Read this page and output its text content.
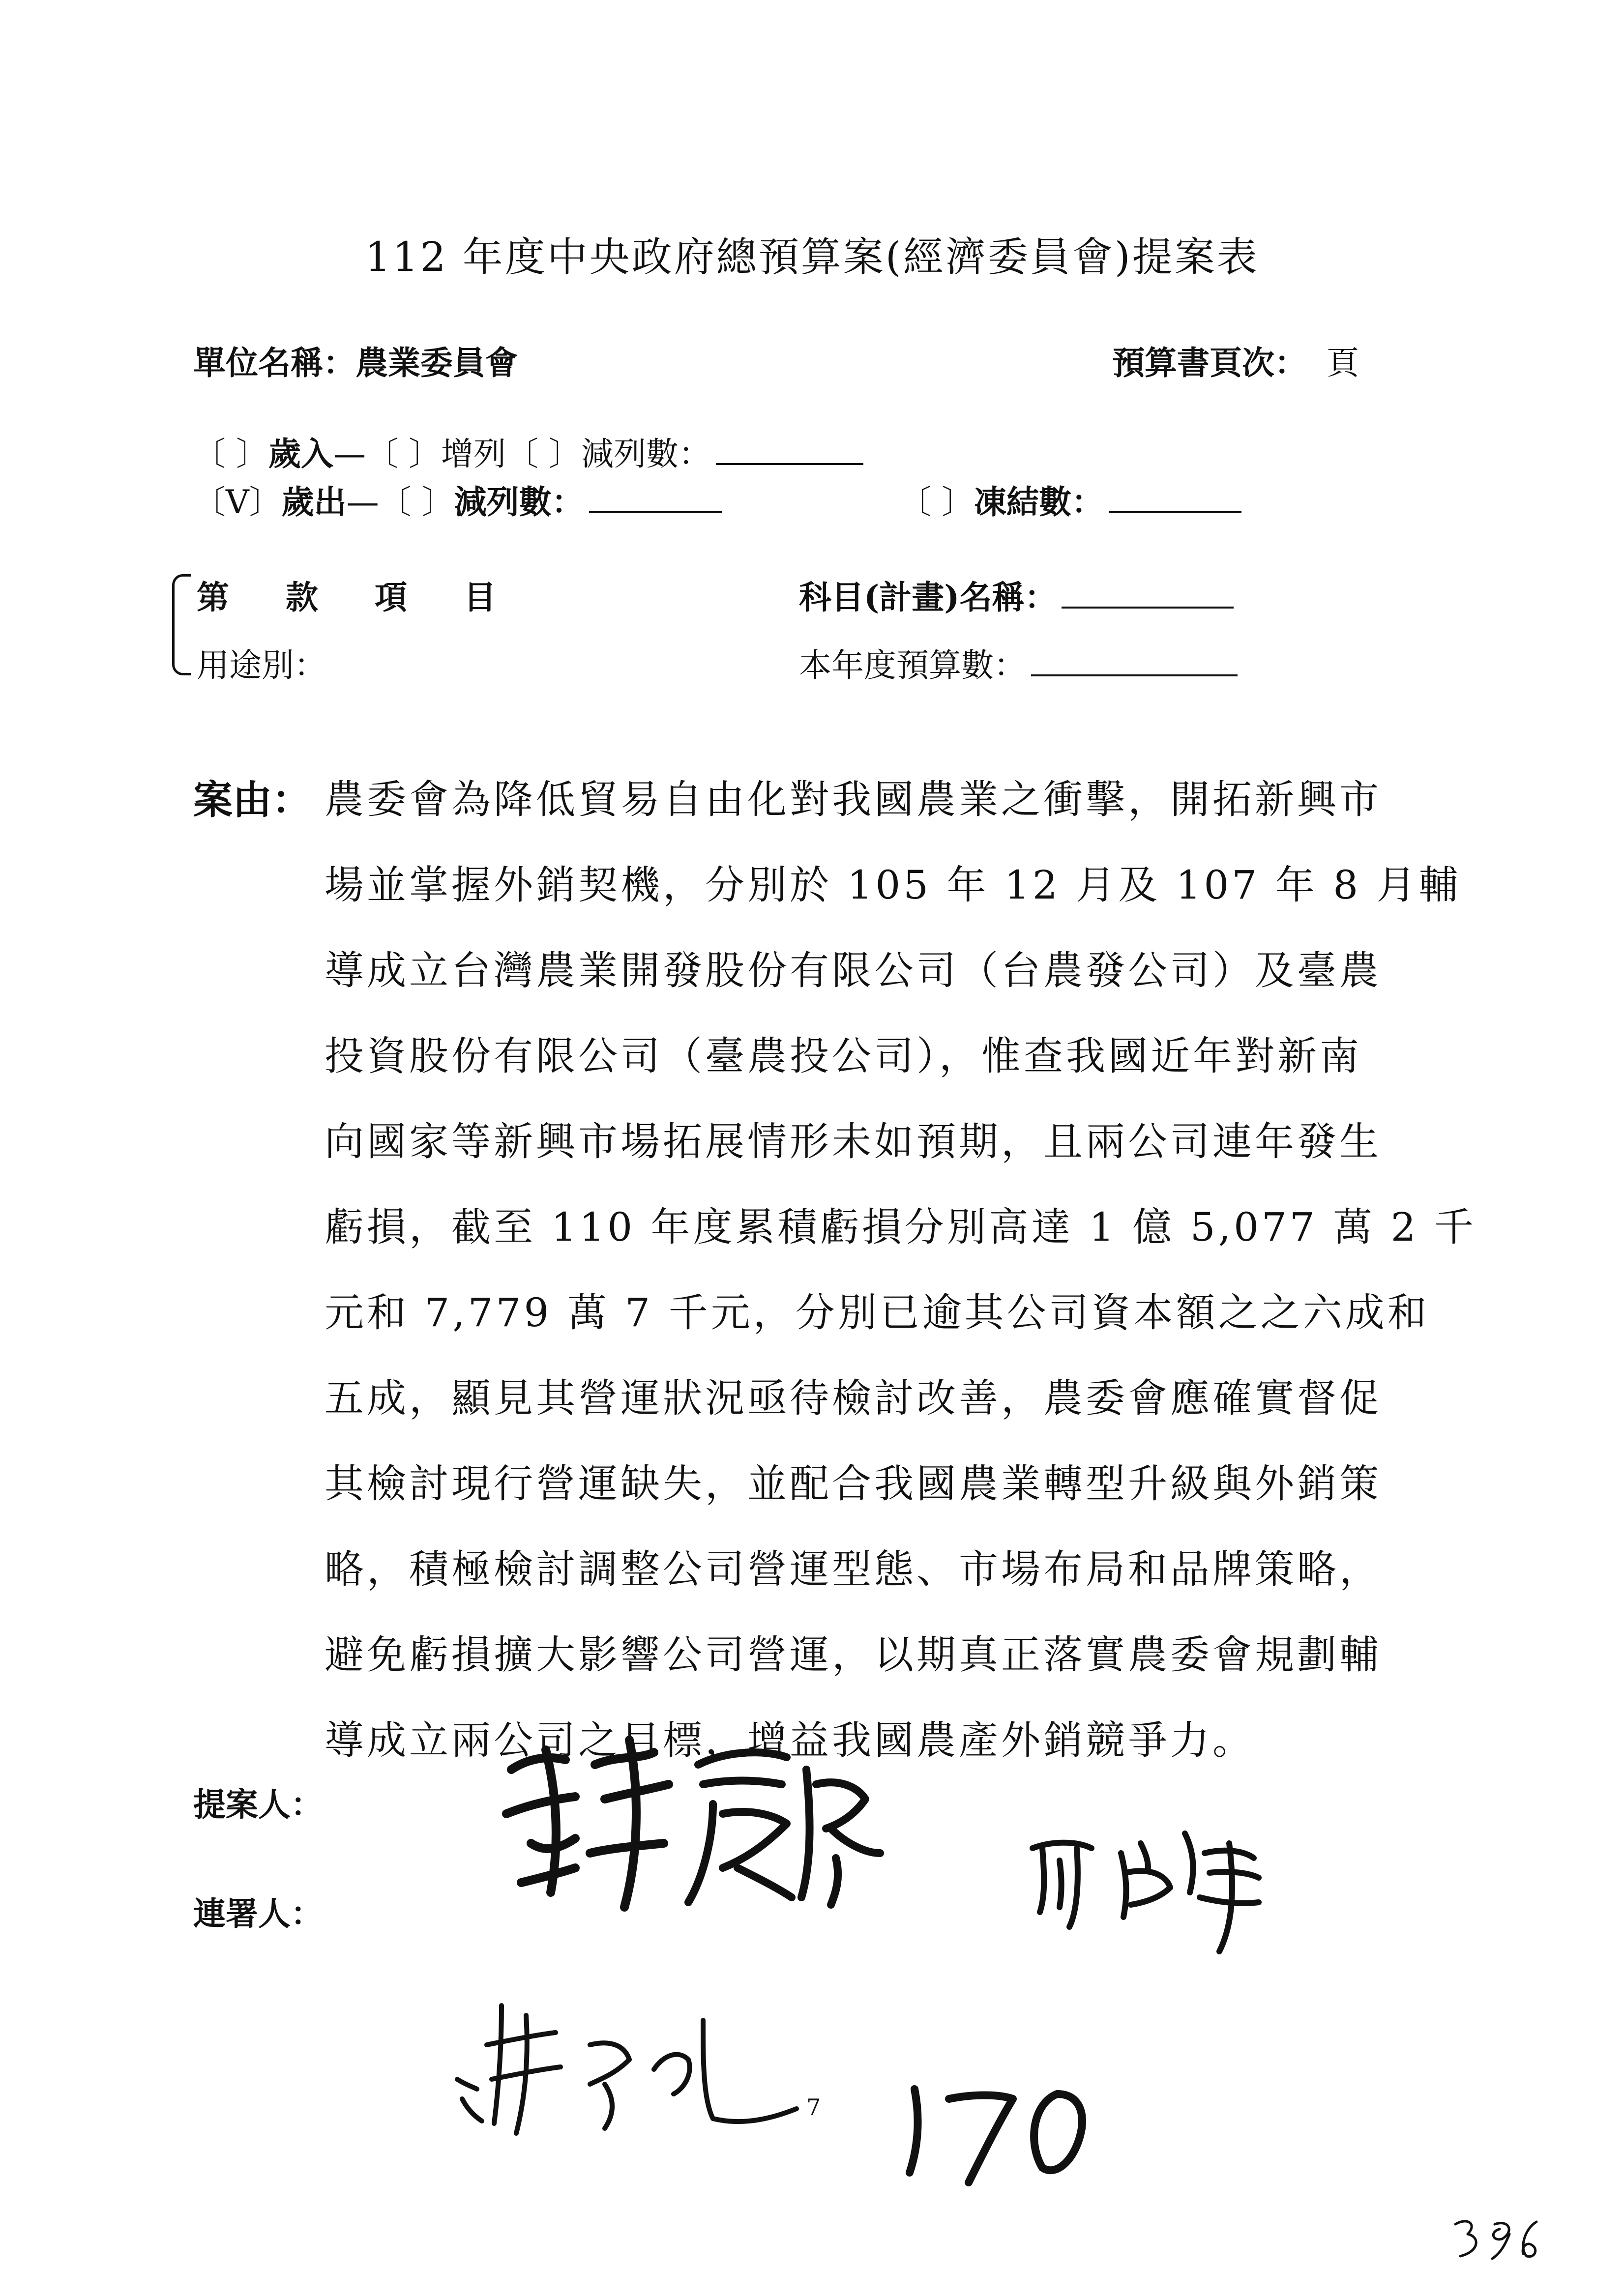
112 年度中央政府總預算案(經濟委員會)提案表
單位名稱：農業委員會	預算書頁次： 頁
〔 〕歲入—〔 〕增列〔 〕減列數：
〔V〕歲出—〔 〕減列數：	〔 〕凍結數：
第 款 項 目
用途別：
科目(計畫)名稱：
本年度預算數：
案由： 農委會為降低貿易自由化對我國農業之衝擊，開拓新興市
場並掌握外銷契機，分別於 105 年 12 月及 107 年 8 月輔
導成立台灣農業開發股份有限公司（台農發公司）及臺農
投資股份有限公司（臺農投公司），惟查我國近年對新南
向國家等新興市場拓展情形未如預期，且兩公司連年發生
虧損，截至 110 年度累積虧損分別高達 1 億 5,077 萬 2 千
元和 7,779 萬 7 千元，分別已逾其公司資本額之之六成和
五成，顯見其營運狀況亟待檢討改善，農委會應確實督促
其檢討現行營運缺失，並配合我國農業轉型升級與外銷策
略，積極檢討調整公司營運型態、市場布局和品牌策略，
避免虧損擴大影響公司營運，以期真正落實農委會規劃輔
導成立兩公司之目標，增益我國農產外銷競爭力。
提案人：
連署人：
7
